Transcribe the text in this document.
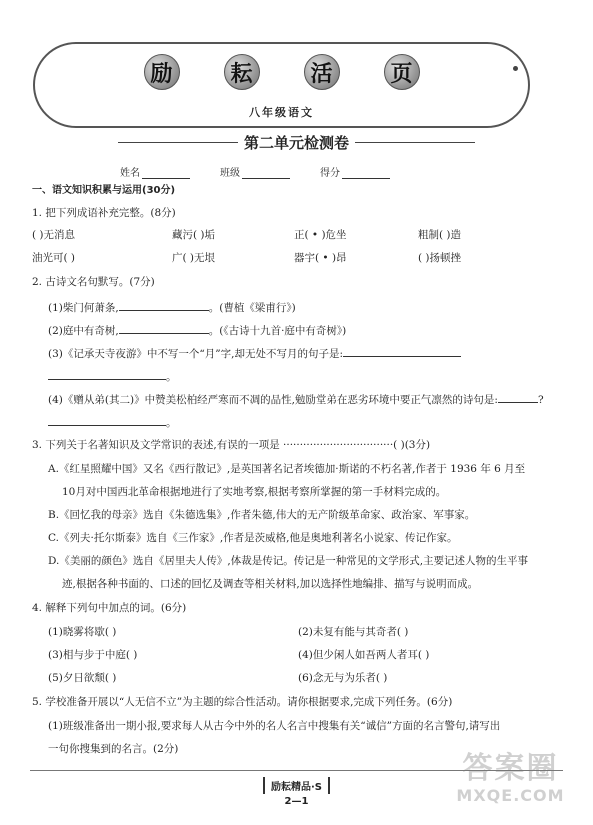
励	耘	活	页
八年级语文
第二单元检测卷
姓名	班级	得分
一、语文知识积累与运用(30分)
1. 把下列成语补充完整。(8分)
( )无消息	藏污( )垢	正( • )危坐	粗制( )造
油光可( )	广( )无垠	器宇( • )昂	( )扬顿挫
2. 古诗文名句默写。(7分)
(1)柴门何萧条,	。(曹植《梁甫行》)
(2)庭中有奇树,	。(《古诗十九首·庭中有奇树》)
(3)《记承天寺夜游》中不写一个“月”字,却无处不写月的句子是:
。
(4)《赠从弟(其二)》中赞美松柏经严寒而不凋的品性,勉励堂弟在恶劣环境中要正气凛然的诗句是:	?
。
3. 下列关于名著知识及文学常识的表述,有误的一项是 ·································( )(3分)
A.《红星照耀中国》又名《西行散记》,是英国著名记者埃德加·斯诺的不朽名著,作者于 1936 年 6 月至
10月对中国西北革命根据地进行了实地考察,根据考察所掌握的第一手材料完成的。
B.《回忆我的母亲》选自《朱德选集》,作者朱德,伟大的无产阶级革命家、政治家、军事家。
C.《列夫·托尔斯泰》选自《三作家》,作者是茨威格,他是奥地利著名小说家、传记作家。
D.《美丽的颜色》选自《居里夫人传》,体裁是传记。传记是一种常见的文学形式,主要记述人物的生平事
迹,根据各种书面的、口述的回忆及调查等相关材料,加以选择性地编排、描写与说明而成。
4. 解释下列句中加点的词。(6分)
(1)晓雾将歇( )	(2)未复有能与其奇者( )
(3)相与步于中庭( )	(4)但少闲人如吾两人者耳( )
(5)夕日欲颓( )	(6)念无与为乐者( )
5. 学校准备开展以“人无信不立”为主题的综合性活动。请你根据要求,完成下列任务。(6分)
(1)班级准备出一期小报,要求每人从古今中外的名人名言中搜集有关“诚信”方面的名言警句,请写出
一句你搜集到的名言。(2分)
励耘精品·S
2—1
答案圈
MXQE.COM
